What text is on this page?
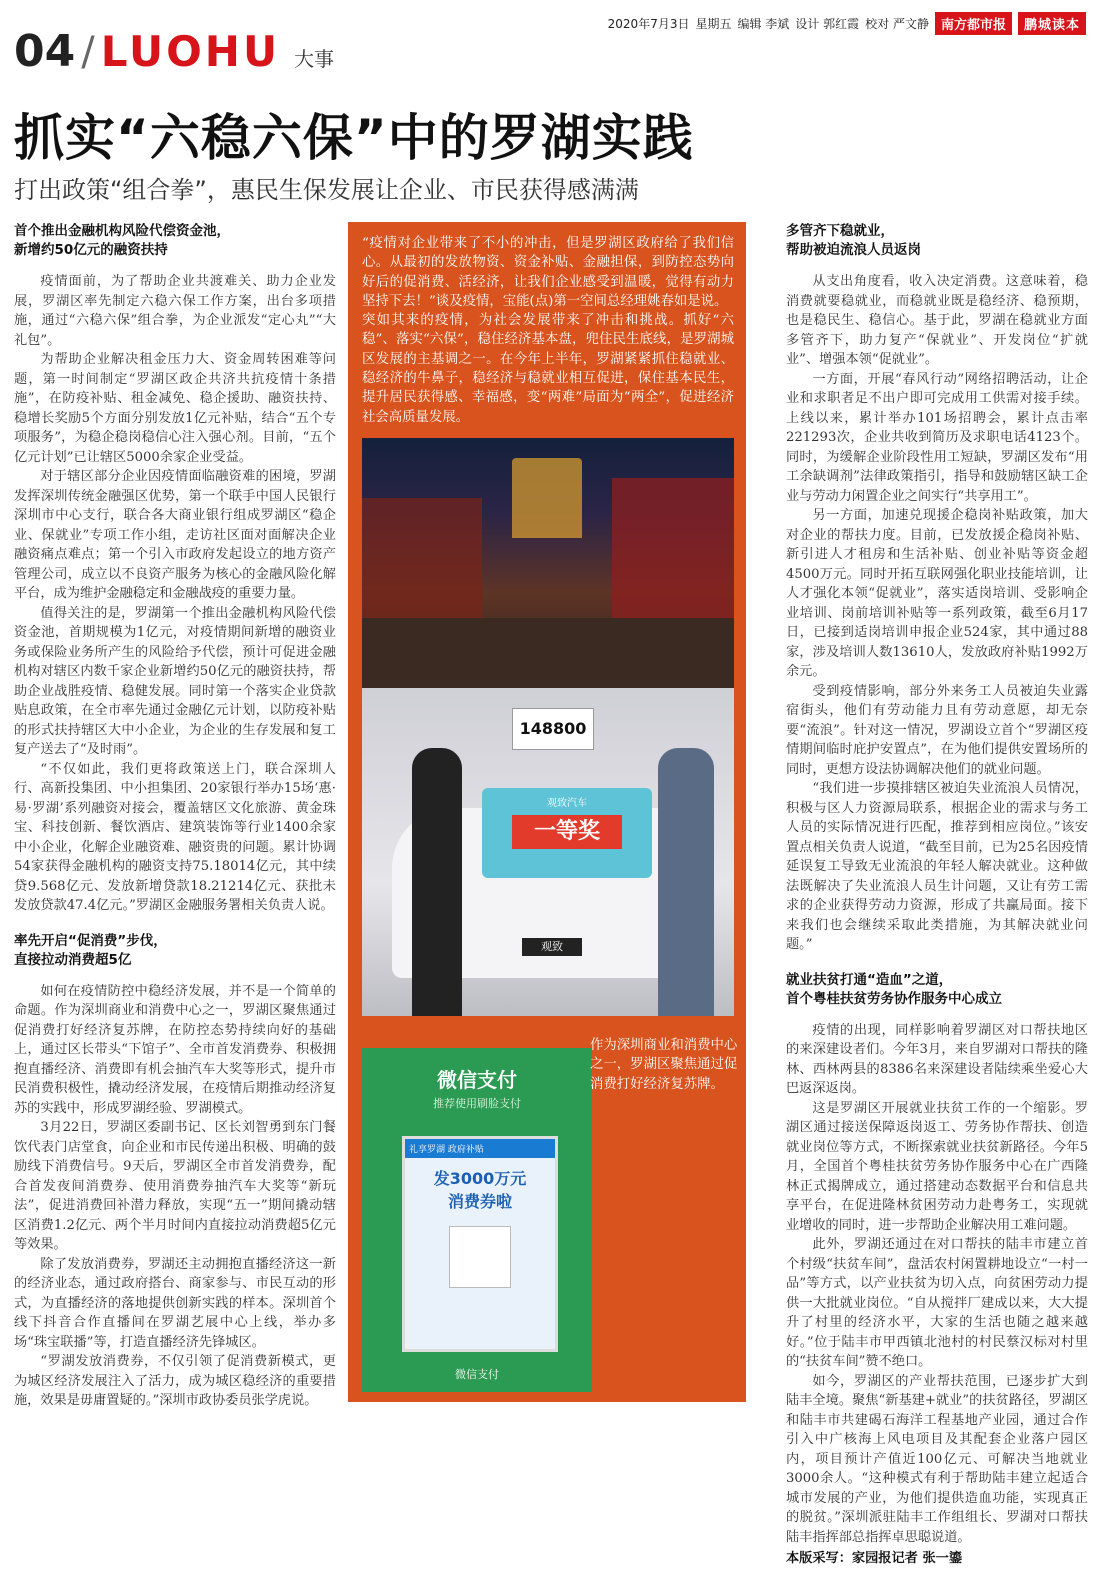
2020年7月3日 星期五 编辑 李斌 设计 郭红霞 校对 严文静 南方都市报	鹏城读本
04 / LUOHU 大事
抓实“六稳六保”中的罗湖实践
打出政策“组合拳”，惠民生保发展让企业、市民获得感满满
首个推出金融机构风险代偿资金池，
新增约50亿元的融资扶持

疫情面前，为了帮助企业共渡难关、助力企业发展，罗湖区率先制定六稳六保工作方案，出台多项措施，通过“六稳六保”组合拳，为企业派发“定心丸”“大礼包”。

为帮助企业解决租金压力大、资金周转困难等问题，第一时间制定“罗湖区政企共济共抗疫情十条措施”，在防疫补贴、租金减免、稳企援助、融资扶持、稳增长奖励5个方面分别发放1亿元补贴，结合“五个专项服务”，为稳企稳岗稳信心注入强心剂。目前，“五个亿元计划”已让辖区5000余家企业受益。

对于辖区部分企业因疫情面临融资难的困境，罗湖发挥深圳传统金融强区优势，第一个联手中国人民银行深圳市中心支行，联合各大商业银行组成罗湖区“稳企业、保就业”专项工作小组，走访社区面对面解决企业融资痛点难点；第一个引入市政府发起设立的地方资产管理公司，成立以不良资产服务为核心的金融风险化解平台，成为维护金融稳定和金融战疫的重要力量。

值得关注的是，罗湖第一个推出金融机构风险代偿资金池，首期规模为1亿元，对疫情期间新增的融资业务或保险业务所产生的风险给予代偿，预计可促进金融机构对辖区内数千家企业新增约50亿元的融资扶持，帮助企业战胜疫情、稳健发展。同时第一个落实企业贷款贴息政策，在全市率先通过金融亿元计划，以防疫补贴的形式扶持辖区大中小企业，为企业的生存发展和复工复产送去了“及时雨”。

“不仅如此，我们更将政策送上门，联合深圳人行、高新投集团、中小担集团、20家银行举办15场‘惠·易·罗湖’系列融资对接会，覆盖辖区文化旅游、黄金珠宝、科技创新、餐饮酒店、建筑装饰等行业1400余家中小企业，化解企业融资难、融资贵的问题。累计协调54家获得金融机构的融资支持75.18014亿元，其中续贷9.568亿元、发放新增贷款18.21214亿元、获批未发放贷款47.4亿元。”罗湖区金融服务署相关负责人说。

率先开启“促消费”步伐，
直接拉动消费超5亿

如何在疫情防控中稳经济发展，并不是一个简单的命题。作为深圳商业和消费中心之一，罗湖区聚焦通过促消费打好经济复苏牌，在防控态势持续向好的基础上，通过区长带头“下馆子”、全市首发消费券、积极拥抱直播经济、消费即有机会抽汽车大奖等形式，提升市民消费积极性，撬动经济发展，在疫情后期推动经济复苏的实践中，形成罗湖经验、罗湖模式。

3月22日，罗湖区委副书记、区长刘智勇到东门餐饮代表门店堂食，向企业和市民传递出积极、明确的鼓励线下消费信号。9天后，罗湖区全市首发消费券，配合首发夜间消费券、使用消费券抽汽车大奖等“新玩法”，促进消费回补潜力释放，实现“五一”期间撬动辖区消费1.2亿元、两个半月时间内直接拉动消费超5亿元等效果。

除了发放消费券，罗湖还主动拥抱直播经济这一新的经济业态，通过政府搭台、商家参与、市民互动的形式，为直播经济的落地提供创新实践的样本。深圳首个线下抖音合作直播间在罗湖艺展中心上线，举办多场“珠宝联播”等，打造直播经济先锋城区。

“罗湖发放消费券，不仅引领了促消费新模式，更为城区经济发展注入了活力，成为城区稳经济的重要措施，效果是毋庸置疑的。”深圳市政协委员张学虎说。

“疫情对企业带来了不小的冲击，但是罗湖区政府给了我们信心。从最初的发放物资、资金补贴、金融担保，到防控态势向好后的促消费、活经济，让我们企业感受到温暖，觉得有动力坚持下去！”谈及疫情，宝能(点)第一空间总经理姚春如是说。

突如其来的疫情，为社会发展带来了冲击和挑战。抓好“六稳”、落实“六保”，稳住经济基本盘，兜住民生底线，是罗湖城区发展的主基调之一。在今年上半年，罗湖紧紧抓住稳就业、稳经济的牛鼻子，稳经济与稳就业相互促进，保住基本民生，提升居民获得感、幸福感，变“两难”局面为“两全”，促进经济社会高质量发展。

148800
观致汽车
一等奖
观致
微信支付
推荐使用刷脸支付
礼享罗湖 政府补贴
发3000万元
消费券啦
微信支付
作为深圳商业和消费中心之一，罗湖区聚焦通过促消费打好经济复苏牌。
多管齐下稳就业，
帮助被迫流浪人员返岗

从支出角度看，收入决定消费。这意味着，稳消费就要稳就业，而稳就业既是稳经济、稳预期，也是稳民生、稳信心。基于此，罗湖在稳就业方面多管齐下，助力复产“保就业”、开发岗位“扩就业”、增强本领“促就业”。

一方面，开展“春风行动”网络招聘活动，让企业和求职者足不出户即可完成用工供需对接手续。上线以来，累计举办101场招聘会，累计点击率221293次，企业共收到简历及求职电话4123个。同时，为缓解企业阶段性用工短缺，罗湖区发布“用工余缺调剂”法律政策指引，指导和鼓励辖区缺工企业与劳动力闲置企业之间实行“共享用工”。

另一方面，加速兑现援企稳岗补贴政策，加大对企业的帮扶力度。目前，已发放援企稳岗补贴、新引进人才租房和生活补贴、创业补贴等资金超4500万元。同时开拓互联网强化职业技能培训，让人才强化本领“促就业”，落实适岗培训、受影响企业培训、岗前培训补贴等一系列政策，截至6月17日，已接到适岗培训申报企业524家，其中通过88家，涉及培训人数13610人，发放政府补贴1992万余元。

受到疫情影响，部分外来务工人员被迫失业露宿街头，他们有劳动能力且有劳动意愿，却无奈要“流浪”。针对这一情况，罗湖设立首个“罗湖区疫情期间临时庇护安置点”，在为他们提供安置场所的同时，更想方设法协调解决他们的就业问题。

“我们进一步摸排辖区被迫失业流浪人员情况，积极与区人力资源局联系，根据企业的需求与务工人员的实际情况进行匹配，推荐到相应岗位。”该安置点相关负责人说道，“截至目前，已为25名因疫情延误复工导致无业流浪的年轻人解决就业。这种做法既解决了失业流浪人员生计问题，又让有劳工需求的企业获得劳动力资源，形成了共赢局面。接下来我们也会继续采取此类措施，为其解决就业问题。”

就业扶贫打通“造血”之道，
首个粤桂扶贫劳务协作服务中心成立

疫情的出现，同样影响着罗湖区对口帮扶地区的来深建设者们。今年3月，来自罗湖对口帮扶的隆林、西林两县的8386名来深建设者陆续乘坐爱心大巴返深返岗。

这是罗湖区开展就业扶贫工作的一个缩影。罗湖区通过接送保障返岗返工、劳务协作帮扶、创造就业岗位等方式，不断探索就业扶贫新路径。今年5月，全国首个粤桂扶贫劳务协作服务中心在广西隆林正式揭牌成立，通过搭建动态数据平台和信息共享平台，在促进隆林贫困劳动力赴粤务工，实现就业增收的同时，进一步帮助企业解决用工难问题。

此外，罗湖还通过在对口帮扶的陆丰市建立首个村级“扶贫车间”，盘活农村闲置耕地设立“一村一品”等方式，以产业扶贫为切入点，向贫困劳动力提供一大批就业岗位。“自从搅拌厂建成以来，大大提升了村里的经济水平，大家的生活也随之越来越好。”位于陆丰市甲西镇北池村的村民蔡汉标对村里的“扶贫车间”赞不绝口。

如今，罗湖区的产业帮扶范围，已逐步扩大到陆丰全境。聚焦“新基建+就业”的扶贫路径，罗湖区和陆丰市共建碣石海洋工程基地产业园，通过合作引入中广核海上风电项目及其配套企业落户园区内，项目预计产值近100亿元、可解决当地就业3000余人。“这种模式有利于帮助陆丰建立起适合城市发展的产业，为他们提供造血功能，实现真正的脱贫。”深圳派驻陆丰工作组组长、罗湖对口帮扶陆丰指挥部总指挥卓思聪说道。

本版采写：家园报记者 张一鎏
